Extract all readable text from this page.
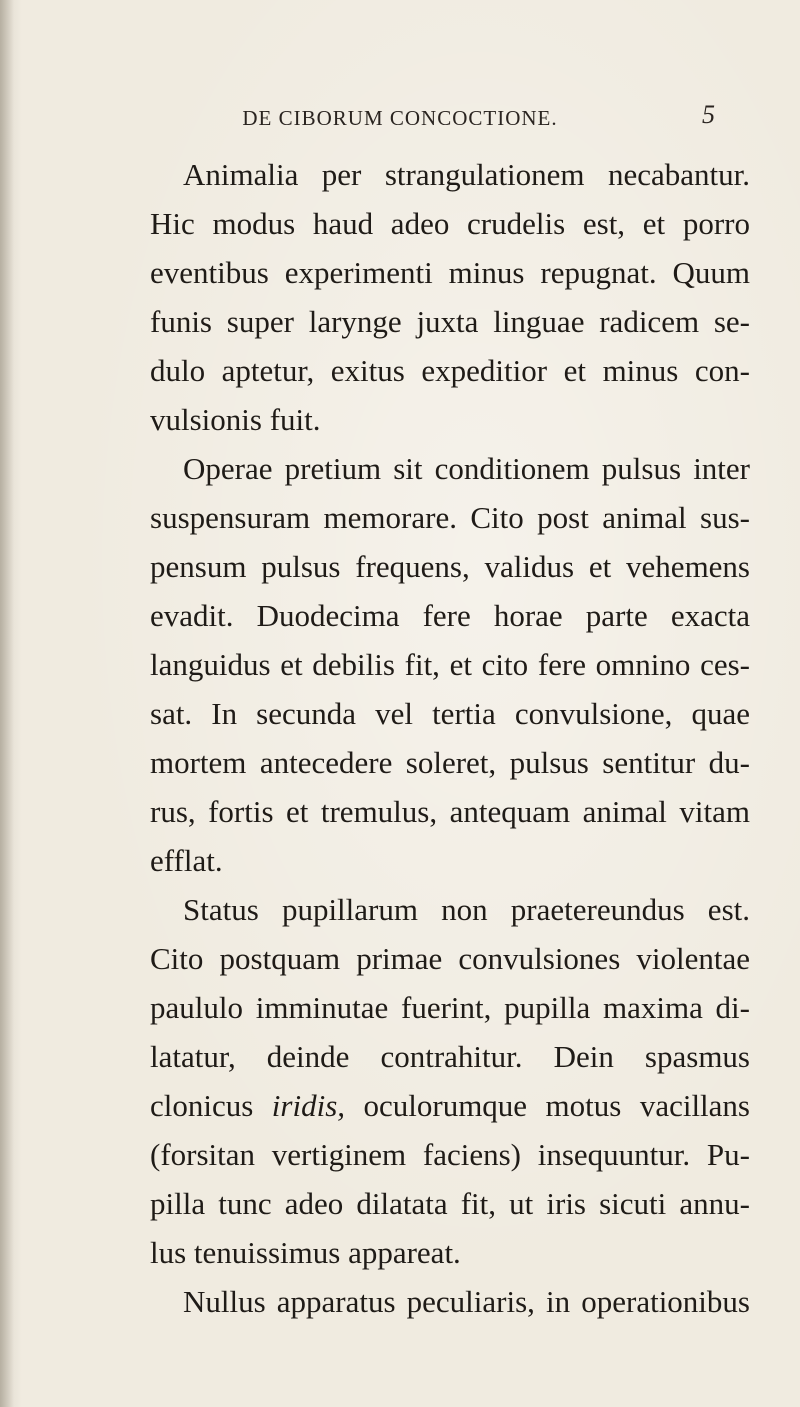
DE CIBORUM CONCOCTIONE.	5
Animalia per strangulationem necabantur.
Hic modus haud adeo crudelis est, et porro
eventibus experimenti minus repugnat. Quum
funis super larynge juxta linguae radicem se-
dulo aptetur, exitus expeditior et minus con-
vulsionis fuit.
Operae pretium sit conditionem pulsus inter
suspensuram memorare. Cito post animal sus-
pensum pulsus frequens, validus et vehemens
evadit. Duodecima fere horae parte exacta
languidus et debilis fit, et cito fere omnino ces-
sat. In secunda vel tertia convulsione, quae
mortem antecedere soleret, pulsus sentitur du-
rus, fortis et tremulus, antequam animal vitam
efflat.
Status pupillarum non praetereundus est.
Cito postquam primae convulsiones violentae
paululo imminutae fuerint, pupilla maxima di-
latatur, deinde contrahitur. Dein spasmus
clonicus iridis, oculorumque motus vacillans
(forsitan vertiginem faciens) insequuntur. Pu-
pilla tunc adeo dilatata fit, ut iris sicuti annu-
lus tenuissimus appareat.
Nullus apparatus peculiaris, in operationibus
